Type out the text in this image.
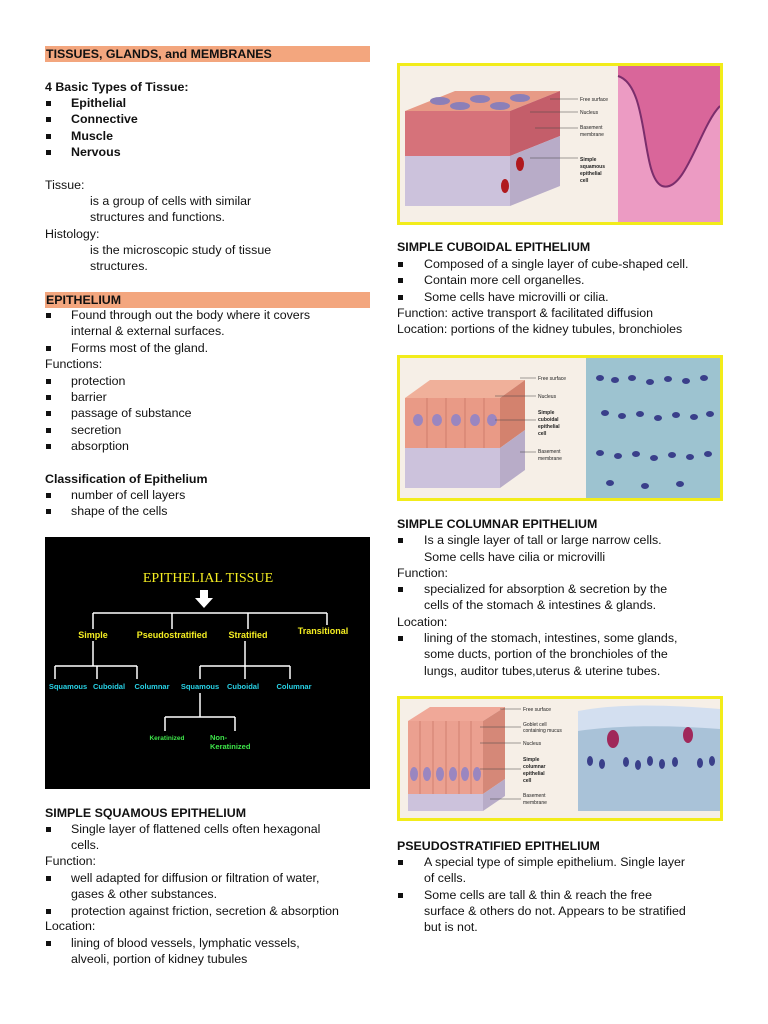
TISSUES, GLANDS, and MEMBRANES
4 Basic Types of Tissue:
Epithelial
Connective
Muscle
Nervous
Tissue:
is a group of cells with similar
structures and functions.
Histology:
is the microscopic study of tissue
structures.
EPITHELIUM
Found through out the body where it covers
internal & external surfaces.
Forms most of the gland.
Functions:
protection
barrier
passage of substance
secretion
absorption
Classification of Epithelium
number of cell layers
shape of the cells
EPITHELIAL TISSUE
Simple	Pseudostratified Stratified	Transitional
Squamous Cuboidal Columnar Squamous Cuboidal Columnar
Keratinized	Non-
Keratinized
SIMPLE SQUAMOUS EPITHELIUM
Single layer of flattened cells often hexagonal
cells.
Function:
well adapted for diffusion or filtration of water,
gases & other substances.
protection against friction, secretion & absorption
Location:
lining of blood vessels, lymphatic vessels,
alveoli, portion of kidney tubules
Free surface
Nucleus
Basement
membrane
Simple
squamous
epithelial
cell
SIMPLE CUBOIDAL EPITHELIUM
Composed of a single layer of cube-shaped cell.
Contain more cell organelles.
Some cells have microvilli or cilia.
Function: active transport & facilitated diffusion
Location: portions of the kidney tubules, bronchioles
Free surface
Nucleus
Simple
cuboidal
epithelial
cell
Basement
membrane
SIMPLE COLUMNAR EPITHELIUM
Is a single layer of tall or large narrow cells.
Some cells have cilia or microvilli
Function:
specialized for absorption & secretion by the
cells of the stomach & intestines & glands.
Location:
lining of the stomach, intestines, some glands,
some ducts, portion of the bronchioles of the
lungs, auditor tubes,uterus & uterine tubes.
Free surface
Goblet cell
containing mucus
Nucleus
Simple
columnar
epithelial
cell
Basement
membrane
PSEUDOSTRATIFIED EPITHELIUM
A special type of simple epithelium. Single layer
of cells.
Some cells are tall & thin & reach the free
surface & others do not. Appears to be stratified
but is not.
